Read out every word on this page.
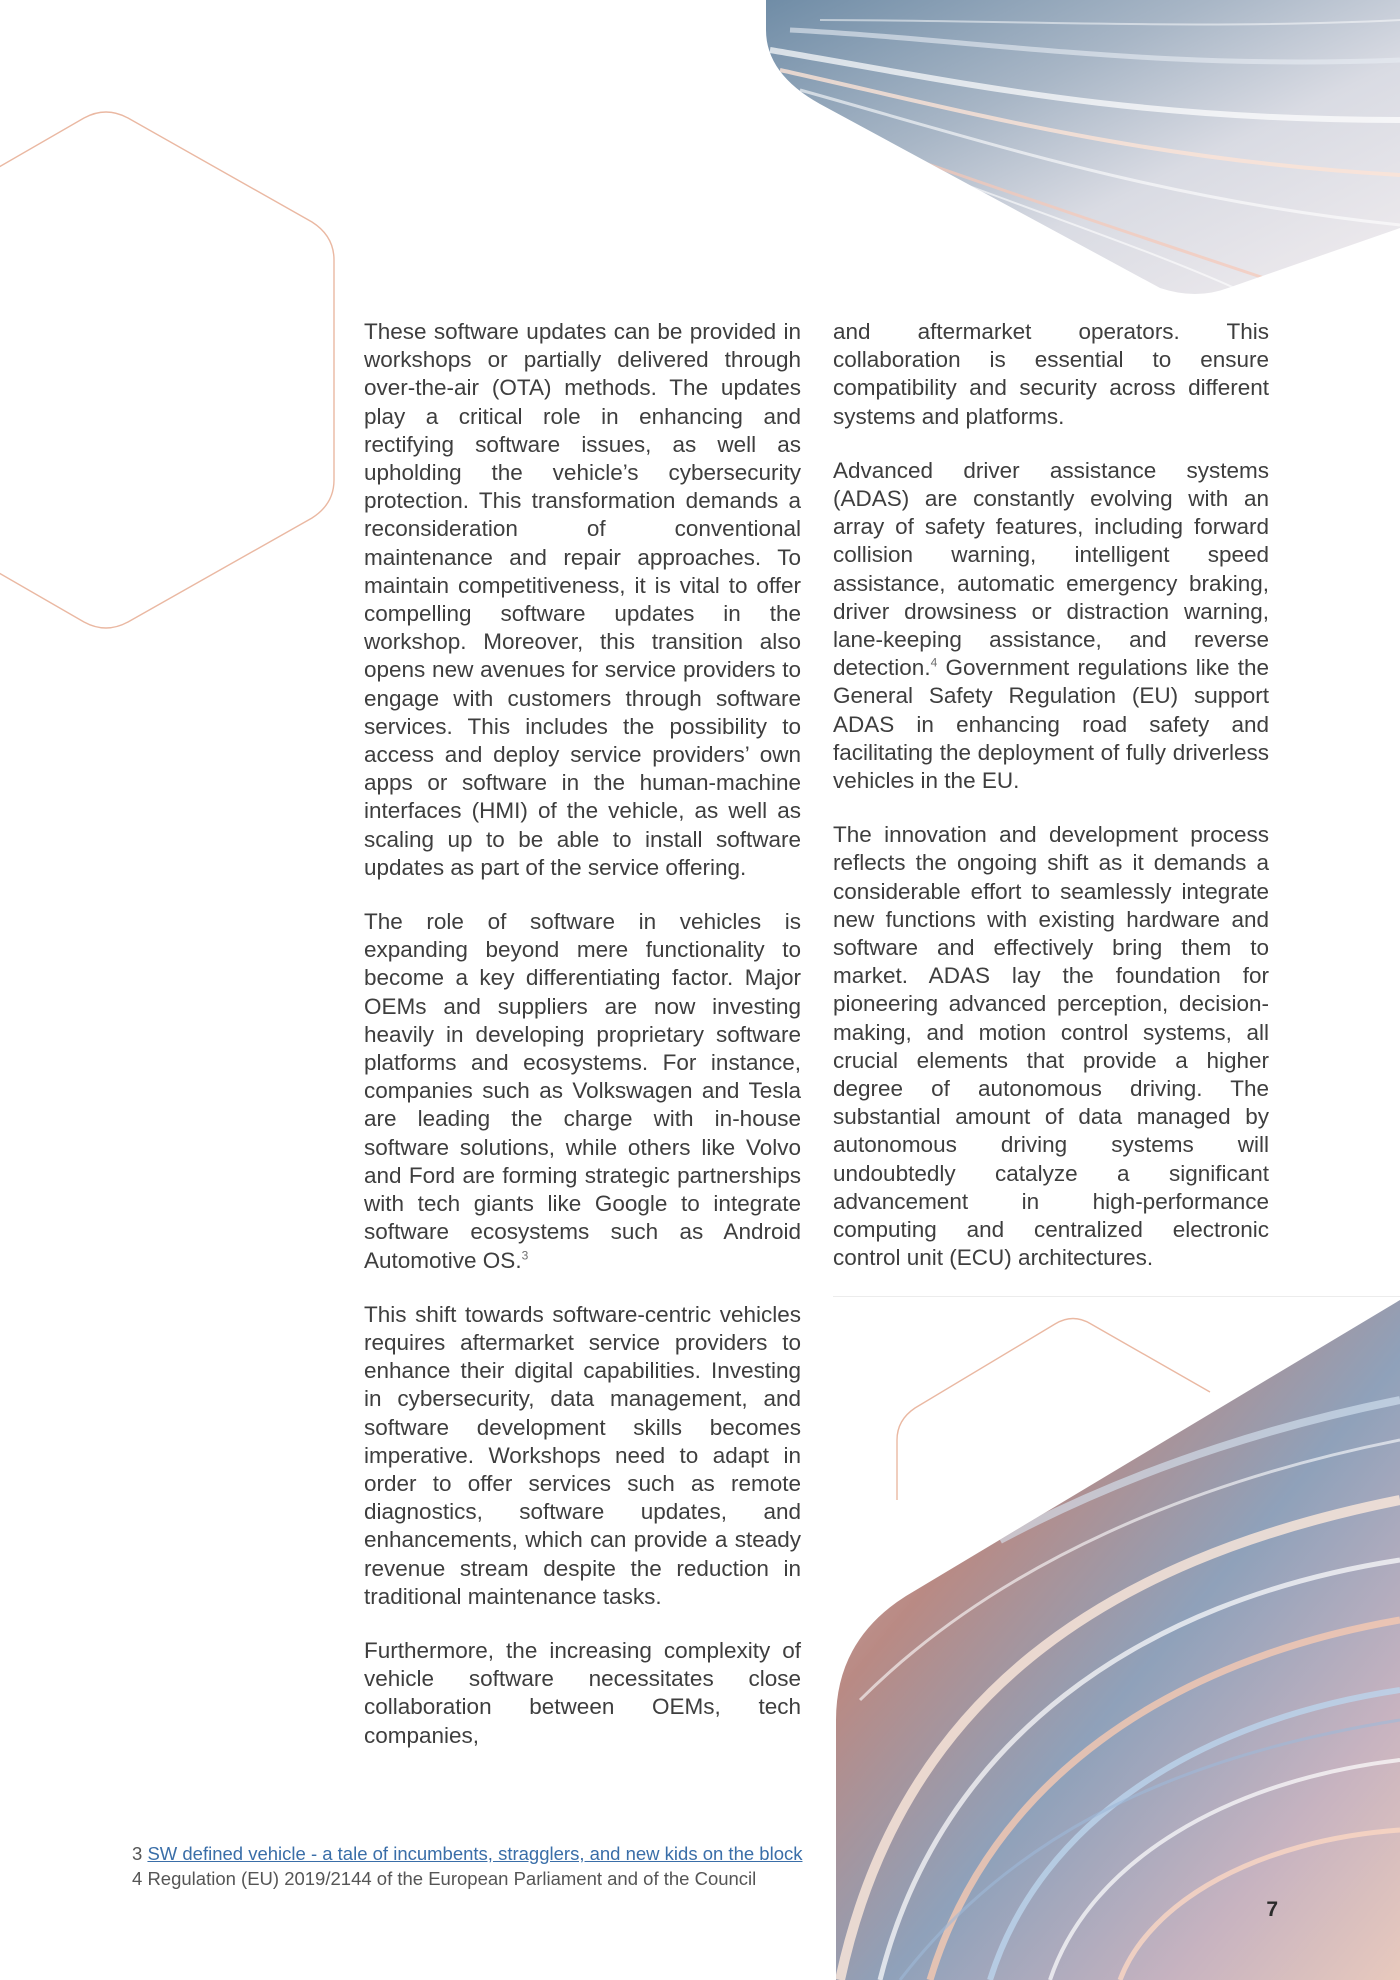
These software updates can be provided in workshops or partially delivered through over-the-air (OTA) methods. The updates play a critical role in enhancing and rectifying software issues, as well as upholding the vehicle’s cybersecurity protection. This transformation demands a reconsideration of conventional maintenance and repair approaches. To maintain competitiveness, it is vital to offer compelling software updates in the workshop. Moreover, this transition also opens new avenues for service providers to engage with customers through software services. This includes the possibility to access and deploy service providers’ own apps or software in the human-machine interfaces (HMI) of the vehicle, as well as scaling up to be able to install software updates as part of the service offering.

The role of software in vehicles is expanding beyond mere functionality to become a key differentiating factor. Major OEMs and suppliers are now investing heavily in developing proprietary software platforms and ecosystems. For instance, companies such as Volkswagen and Tesla are leading the charge with in-house software solutions, while others like Volvo and Ford are forming strategic partnerships with tech giants like Google to integrate software ecosystems such as Android Automotive OS.$^3$

This shift towards software-centric vehicles requires aftermarket service providers to enhance their digital capabilities. Investing in cybersecurity, data management, and software development skills becomes imperative. Workshops need to adapt in order to offer services such as remote diagnostics, software updates, and enhancements, which can provide a steady revenue stream despite the reduction in traditional maintenance tasks.

Furthermore, the increasing complexity of vehicle software necessitates close collaboration between OEMs, tech companies,

and aftermarket operators. This collaboration is essential to ensure compatibility and security across different systems and platforms.

Advanced driver assistance systems (ADAS) are constantly evolving with an array of safety features, including forward collision warning, intelligent speed assistance, automatic emergency braking, driver drowsiness or distraction warning, lane-keeping assistance, and reverse detection.$^4$ Government regulations like the General Safety Regulation (EU) support ADAS in enhancing road safety and facilitating the deployment of fully driverless vehicles in the EU.

The innovation and development process reflects the ongoing shift as it demands a considerable effort to seamlessly integrate new functions with existing hardware and software and effectively bring them to market. ADAS lay the foundation for pioneering advanced perception, decision-making, and motion control systems, all crucial elements that provide a higher degree of autonomous driving. The substantial amount of data managed by autonomous driving systems will undoubtedly catalyze a significant advancement in high-performance computing and centralized electronic control unit (ECU) architectures.

3 SW defined vehicle - a tale of incumbents, stragglers, and new kids on the block
4 Regulation (EU) 2019/2144 of the European Parliament and of the Council
7
